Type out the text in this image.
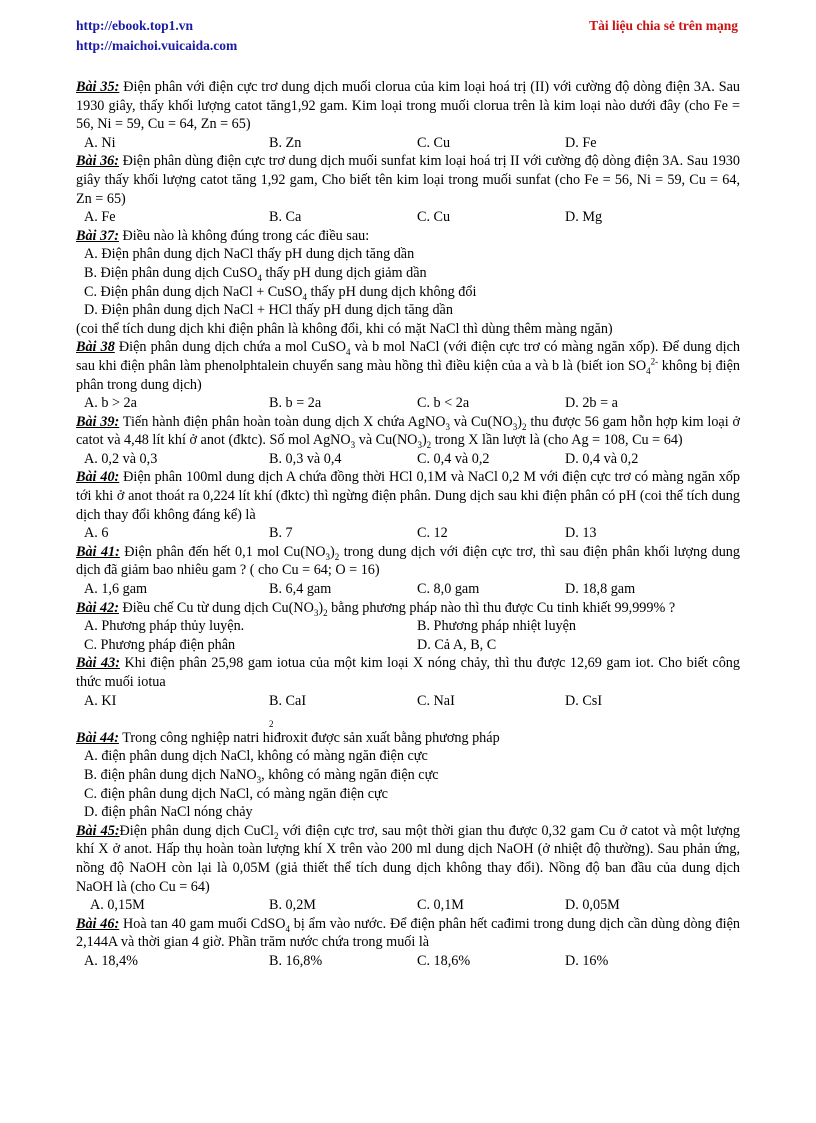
http://ebook.top1.vn
http://maichoi.vuicaida.com
Tài liệu chia sẻ trên mạng
Bài 35: Điện phân với điện cực trơ dung dịch muối clorua của kim loại hoá trị (II) với cường độ dòng điện 3A. Sau 1930 giây, thấy khối lượng catot tăng1,92 gam. Kim loại trong muối clorua trên là kim loại nào dưới đây (cho Fe = 56, Ni = 59, Cu = 64, Zn = 65)
A. Ni	B. Zn	C. Cu	D. Fe
Bài 36: Điện phân dùng điện cực trơ dung dịch muối sunfat kim loại hoá trị II với cường độ dòng điện 3A. Sau 1930 giây thấy khối lượng catot tăng 1,92 gam, Cho biết tên kim loại trong muối sunfat (cho Fe = 56, Ni = 59, Cu = 64, Zn = 65)
A. Fe	B. Ca	C. Cu	D. Mg
Bài 37: Điều nào là không đúng trong các điều sau:
A. Điện phân dung dịch NaCl thấy pH dung dịch tăng dần
B. Điện phân dung dịch CuSO$_4$ thấy pH dung dịch giảm dần
C. Điện phân dung dịch NaCl + CuSO$_4$ thấy pH dung dịch không đổi
D. Điện phân dung dịch NaCl + HCl thấy pH dung dịch tăng dần
(coi thể tích dung dịch khi điện phân là không đổi, khi có mặt NaCl thì dùng thêm màng ngăn)
Bài 38 Điện phân dung dịch chứa a mol CuSO$_4$ và b mol NaCl (với điện cực trơ có màng ngăn xốp). Để dung dịch sau khi điện phân làm phenolphtalein chuyển sang màu hồng thì điều kiện của a và b là (biết ion $SO_4^{2-}$ không bị điện phân trong dung dịch)
A. b > 2a	B. b = 2a	C. b < 2a	D. 2b = a
Bài 39: Tiến hành điện phân hoàn toàn dung dịch X chứa AgNO$_3$ và $Cu(NO_3)_2$ thu được 56 gam hỗn hợp kim loại ở catot và 4,48 lít khí ở anot (đktc). Số mol AgNO$_3$ và $Cu(NO_3)_2$ trong X lần lượt là (cho Ag = 108, Cu = 64)
A. 0,2 và 0,3	B. 0,3 và 0,4	C. 0,4 và 0,2	D. 0,4 và 0,2
Bài 40: Điện phân 100ml dung dịch A chứa đồng thời HCl 0,1M và NaCl 0,2 M với điện cực trơ có màng ngăn xốp tới khi ở anot thoát ra 0,224 lít khí (đktc) thì ngừng điện phân. Dung dịch sau khi điện phân có pH (coi thể tích dung dịch thay đổi không đáng kể) là
A. 6	B. 7	C. 12	D. 13
Bài 41: Điện phân đến hết 0,1 mol $Cu(NO_3)_2$ trong dung dịch với điện cực trơ, thì sau điện phân khối lượng dung dịch đã giảm bao nhiêu gam ? ( cho Cu = 64; O = 16)
A. 1,6 gam	B. 6,4 gam	C. 8,0 gam	D. 18,8 gam
Bài 42: Điều chế Cu từ dung dịch $Cu(NO_3)_2$ bằng phương pháp nào thì thu được Cu tinh khiết 99,999% ?
A. Phương pháp thủy luyện.	B. Phương pháp nhiệt luyện
C. Phương pháp điện phân	D. Cả A, B, C
Bài 43: Khi điện phân 25,98 gam iotua của một kim loại X nóng chảy, thì thu được 12,69 gam iot. Cho biết công thức muối iotua
A. KI	B. CaI
$_2$
C. NaI	D. CsI
Bài 44: Trong công nghiệp natri hiđroxit được sản xuất bằng phương pháp
A. điện phân dung dịch NaCl, không có màng ngăn điện cực
B. điện phân dung dịch NaNO$_3$, không có màng ngăn điện cực
C. điện phân dung dịch NaCl, có màng ngăn điện cực
D. điện phân NaCl nóng chảy
Bài 45:Điện phân dung dịch CuCl$_2$ với điện cực trơ, sau một thời gian thu được 0,32 gam Cu ở catot và một lượng khí X ở anot. Hấp thụ hoàn toàn lượng khí X trên vào 200 ml dung dịch NaOH (ở nhiệt độ thường). Sau phản ứng, nồng độ NaOH còn lại là 0,05M (giả thiết thể tích dung dịch không thay đổi). Nồng độ ban đầu của dung dịch NaOH là (cho Cu = 64)
A. 0,15M	B. 0,2M	C. 0,1M	D. 0,05M
Bài 46: Hoà tan 40 gam muối CdSO$_4$ bị ẩm vào nước. Để điện phân hết cađimi trong dung dịch cần dùng dòng điện 2,144A và thời gian 4 giờ. Phần trăm nước chứa trong muối là
A. 18,4%	B. 16,8%	C. 18,6%	D. 16%
